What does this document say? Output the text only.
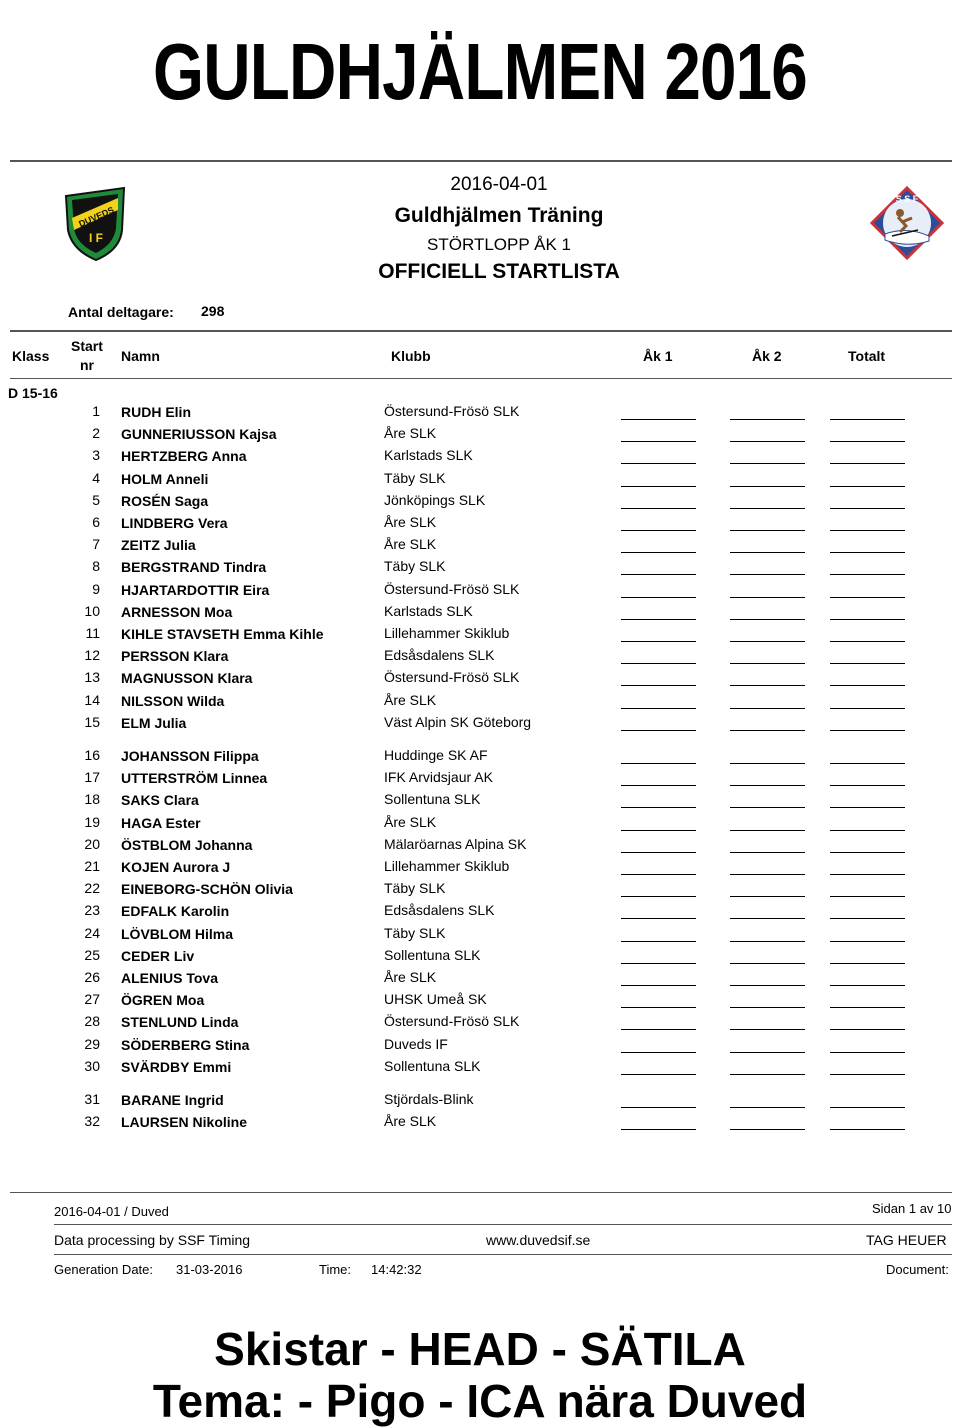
GULDHJÄLMEN 2016
DUVEDS
I F
S S F
2016-04-01
Guldhjälmen Träning
STÖRTLOPP ÅK 1
OFFICIELL STARTLISTA
Antal deltagare: 298
Klass
Start
nr
Namn	Klubb	Åk 1	Åk 2	Totalt
D 15-16
1 RUDH Elin	Östersund-Frösö SLK
2 GUNNERIUSSON Kajsa	Åre SLK
3 HERTZBERG Anna	Karlstads SLK
4 HOLM Anneli	Täby SLK
5 ROSÉN Saga	Jönköpings SLK
6 LINDBERG Vera	Åre SLK
7 ZEITZ Julia	Åre SLK
8 BERGSTRAND Tindra	Täby SLK
9 HJARTARDOTTIR Eira	Östersund-Frösö SLK
10 ARNESSON Moa	Karlstads SLK
11 KIHLE STAVSETH Emma Kihle	Lillehammer Skiklub
12 PERSSON Klara	Edsåsdalens SLK
13 MAGNUSSON Klara	Östersund-Frösö SLK
14 NILSSON Wilda	Åre SLK
15 ELM Julia	Väst Alpin SK Göteborg
16 JOHANSSON Filippa	Huddinge SK AF
17 UTTERSTRÖM Linnea	IFK Arvidsjaur AK
18 SAKS Clara	Sollentuna SLK
19 HAGA Ester	Åre SLK
20 ÖSTBLOM Johanna	Mälaröarnas Alpina SK
21 KOJEN Aurora J	Lillehammer Skiklub
22 EINEBORG-SCHÖN Olivia	Täby SLK
23 EDFALK Karolin	Edsåsdalens SLK
24 LÖVBLOM Hilma	Täby SLK
25 CEDER Liv	Sollentuna SLK
26 ALENIUS Tova	Åre SLK
27 ÖGREN Moa	UHSK Umeå SK
28 STENLUND Linda	Östersund-Frösö SLK
29 SÖDERBERG Stina	Duveds IF
30 SVÄRDBY Emmi	Sollentuna SLK
31 BARANE Ingrid	Stjördals-Blink
32 LAURSEN Nikoline	Åre SLK
2016-04-01 / Duved	Sidan 1 av 10
Data processing by SSF Timing	www.duvedsif.se	TAG HEUER
Generation Date: 31-03-2016	Time: 14:42:32	Document:
Skistar - HEAD - SÄTILA
Tema: - Pigo - ICA nära Duved
